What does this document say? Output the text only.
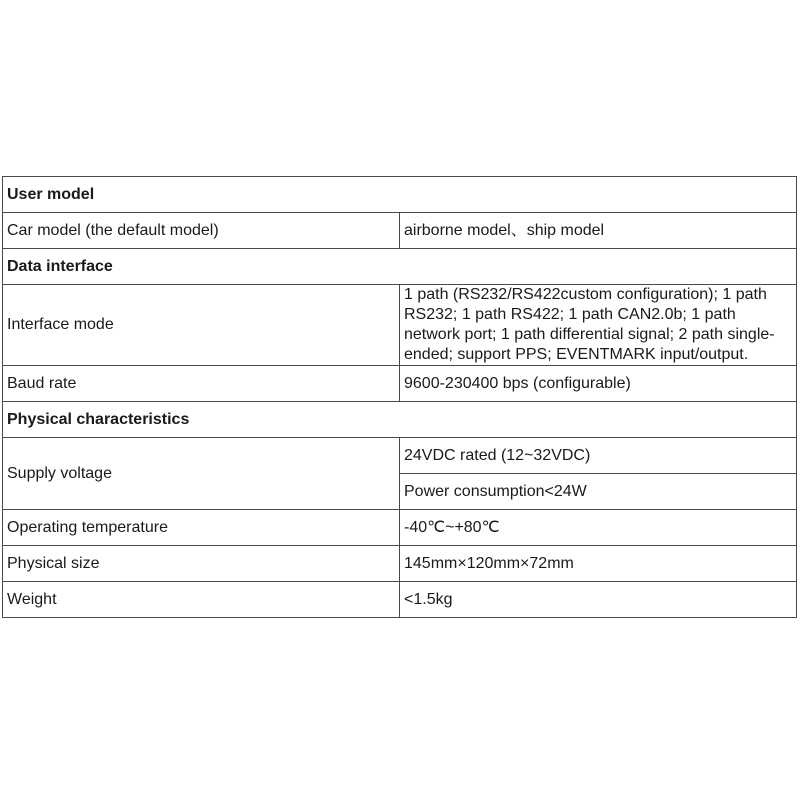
User model	
Car model (the default model)	airborne model、ship model
Data interface	
Interface mode	1 path (RS232/RS422custom configuration); 1 path RS232; 1 path RS422; 1 path CAN2.0b; 1 path network port; 1 path differential signal; 2 path single-ended; support PPS; EVENTMARK input/output.
Baud rate	9600-230400 bps (configurable)
Physical characteristics	
Supply voltage	24VDC rated (12~32VDC)
	Power consumption<24W
Operating temperature	-40℃~+80℃
Physical size	145mm×120mm×72mm
Weight	<1.5kg
